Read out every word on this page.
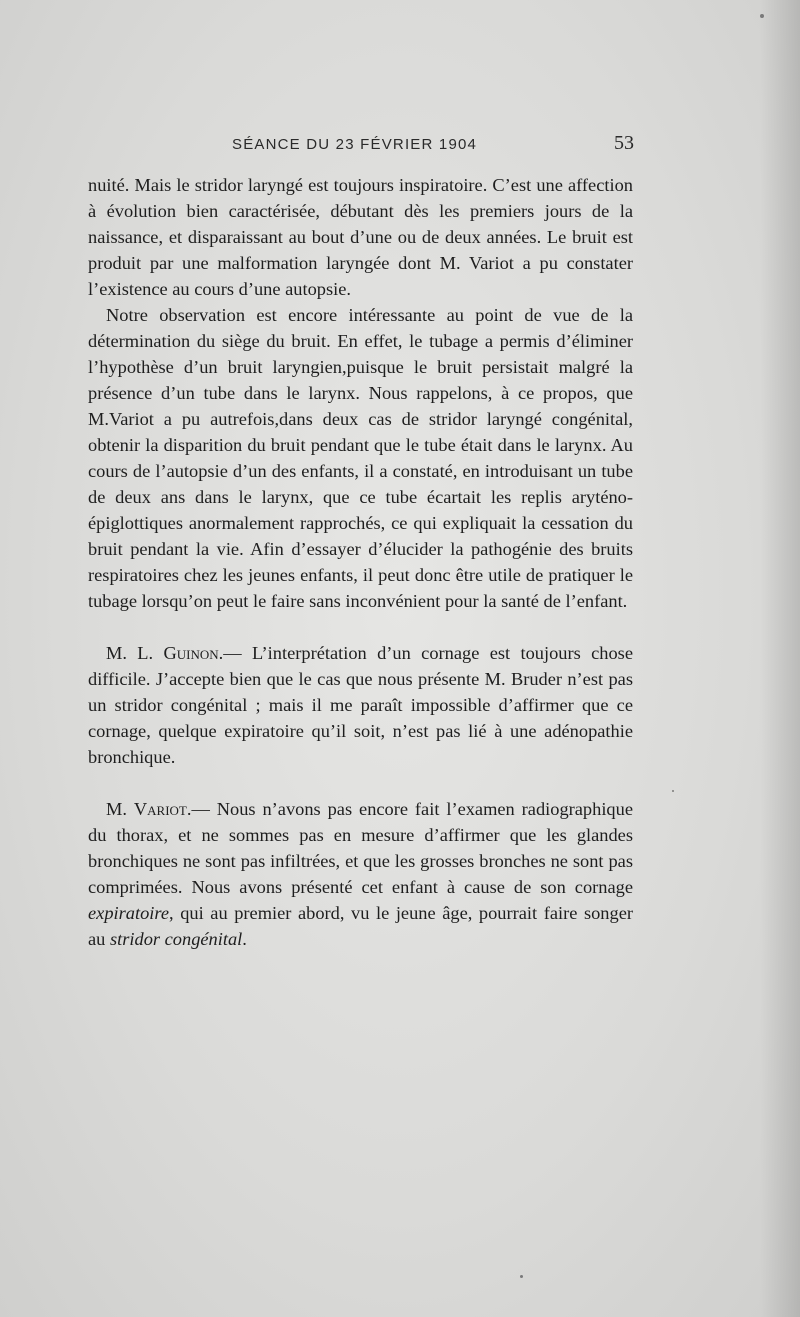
SÉANCE DU 23 FÉVRIER 1904	53

nuité. Mais le stridor laryngé est toujours inspiratoire. C’est une affection à évolution bien caractérisée, débutant dès les premiers jours de la naissance, et disparaissant au bout d’une ou de deux années. Le bruit est produit par une malformation laryngée dont M. Variot a pu constater l’existence au cours d’une autopsie.

Notre observation est encore intéressante au point de vue de la détermination du siège du bruit. En effet, le tubage a permis d’éliminer l’hypothèse d’un bruit laryngien,puisque le bruit persistait malgré la présence d’un tube dans le larynx. Nous rappelons, à ce propos, que M.Variot a pu autrefois,dans deux cas de stridor laryngé congénital, obtenir la disparition du bruit pendant que le tube était dans le larynx. Au cours de l’autopsie d’un des enfants, il a constaté, en introduisant un tube de deux ans dans le larynx, que ce tube écartait les replis aryténo-épiglottiques anormalement rapprochés, ce qui expliquait la cessation du bruit pendant la vie. Afin d’essayer d’élucider la pathogénie des bruits respiratoires chez les jeunes enfants, il peut donc être utile de pratiquer le tubage lorsqu’on peut le faire sans inconvénient pour la santé de l’enfant.

M. L. Guinon.— L’interprétation d’un cornage est toujours chose difficile. J’accepte bien que le cas que nous présente M. Bruder n’est pas un stridor congénital ; mais il me paraît impossible d’affirmer que ce cornage, quelque expiratoire qu’il soit, n’est pas lié à une adénopathie bronchique.

M. Variot.— Nous n’avons pas encore fait l’examen radiographique du thorax, et ne sommes pas en mesure d’affirmer que les glandes bronchiques ne sont pas infiltrées, et que les grosses bronches ne sont pas comprimées. Nous avons présenté cet enfant à cause de son cornage expiratoire, qui au premier abord, vu le jeune âge, pourrait faire songer au stridor congénital.
